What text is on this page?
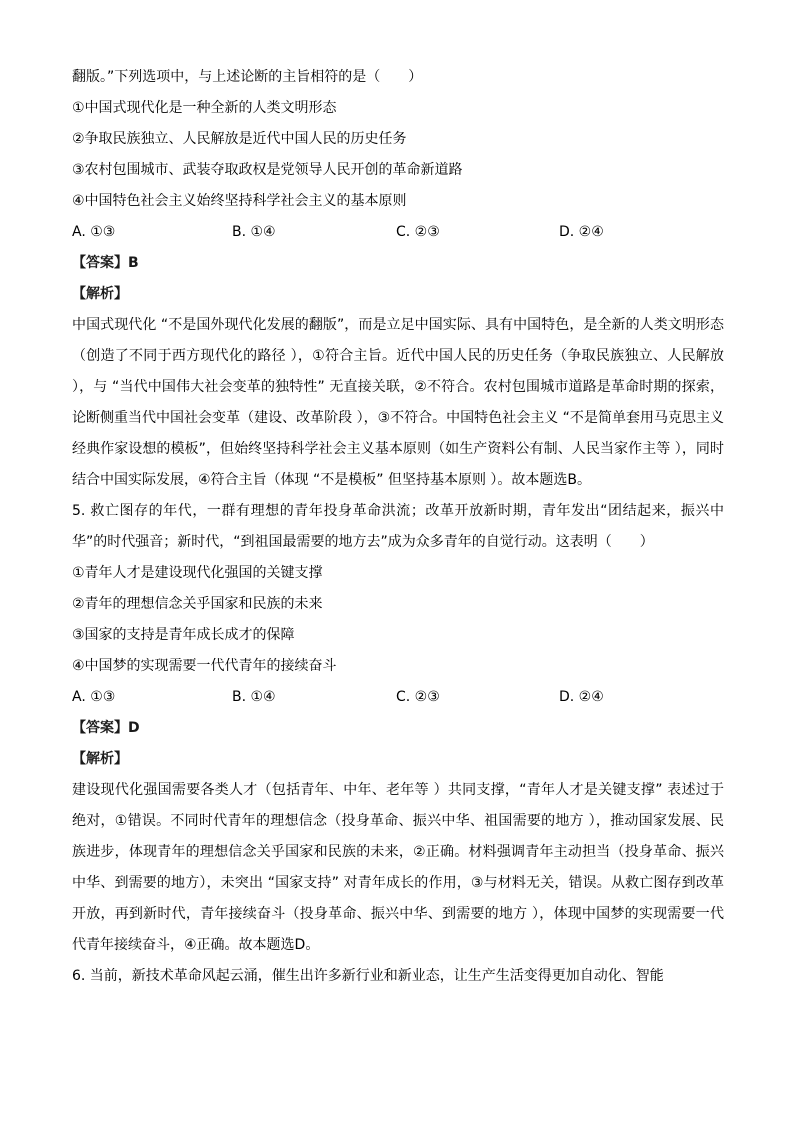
翻版。”下列选项中，与上述论断的主旨相符的是（　　）
①中国式现代化是一种全新的人类文明形态
②争取民族独立、人民解放是近代中国人民的历史任务
③农村包围城市、武装夺取政权是党领导人民开创的革命新道路
④中国特色社会主义始终坚持科学社会主义的基本原则
A. ①③	B. ①④	C. ②③	D. ②④
【答案】B
【解析】
中国式现代化 “不是国外现代化发展的翻版”，而是立足中国实际、具有中国特色，是全新的人类文明形态（创造了不同于西方现代化的路径 ），①符合主旨。近代中国人民的历史任务（争取民族独立、人民解放 ），与 “当代中国伟大社会变革的独特性” 无直接关联，②不符合。农村包围城市道路是革命时期的探索，论断侧重当代中国社会变革（建设、改革阶段 ），③不符合。中国特色社会主义 “不是简单套用马克思主义经典作家设想的模板”，但始终坚持科学社会主义基本原则（如生产资料公有制、人民当家作主等 ），同时结合中国实际发展，④符合主旨（体现 “不是模板” 但坚持基本原则 ）。故本题选B。
5. 救亡图存的年代，一群有理想的青年投身革命洪流；改革开放新时期，青年发出“团结起来，振兴中华”的时代强音；新时代，“到祖国最需要的地方去”成为众多青年的自觉行动。这表明（　　）
①青年人才是建设现代化强国的关键支撑
②青年的理想信念关乎国家和民族的未来
③国家的支持是青年成长成才的保障
④中国梦的实现需要一代代青年的接续奋斗
A. ①③	B. ①④	C. ②③	D. ②④
【答案】D
【解析】
建设现代化强国需要各类人才（包括青年、中年、老年等 ）共同支撑，“青年人才是关键支撑” 表述过于绝对，①错误。不同时代青年的理想信念（投身革命、振兴中华、祖国需要的地方 ），推动国家发展、民族进步，体现青年的理想信念关乎国家和民族的未来，②正确。材料强调青年主动担当（投身革命、振兴中华、到需要的地方），未突出 “国家支持” 对青年成长的作用，③与材料无关，错误。从救亡图存到改革开放，再到新时代，青年接续奋斗（投身革命、振兴中华、到需要的地方 ），体现中国梦的实现需要一代代青年接续奋斗，④正确。故本题选D。
6. 当前，新技术革命风起云涌，催生出许多新行业和新业态，让生产生活变得更加自动化、智能
